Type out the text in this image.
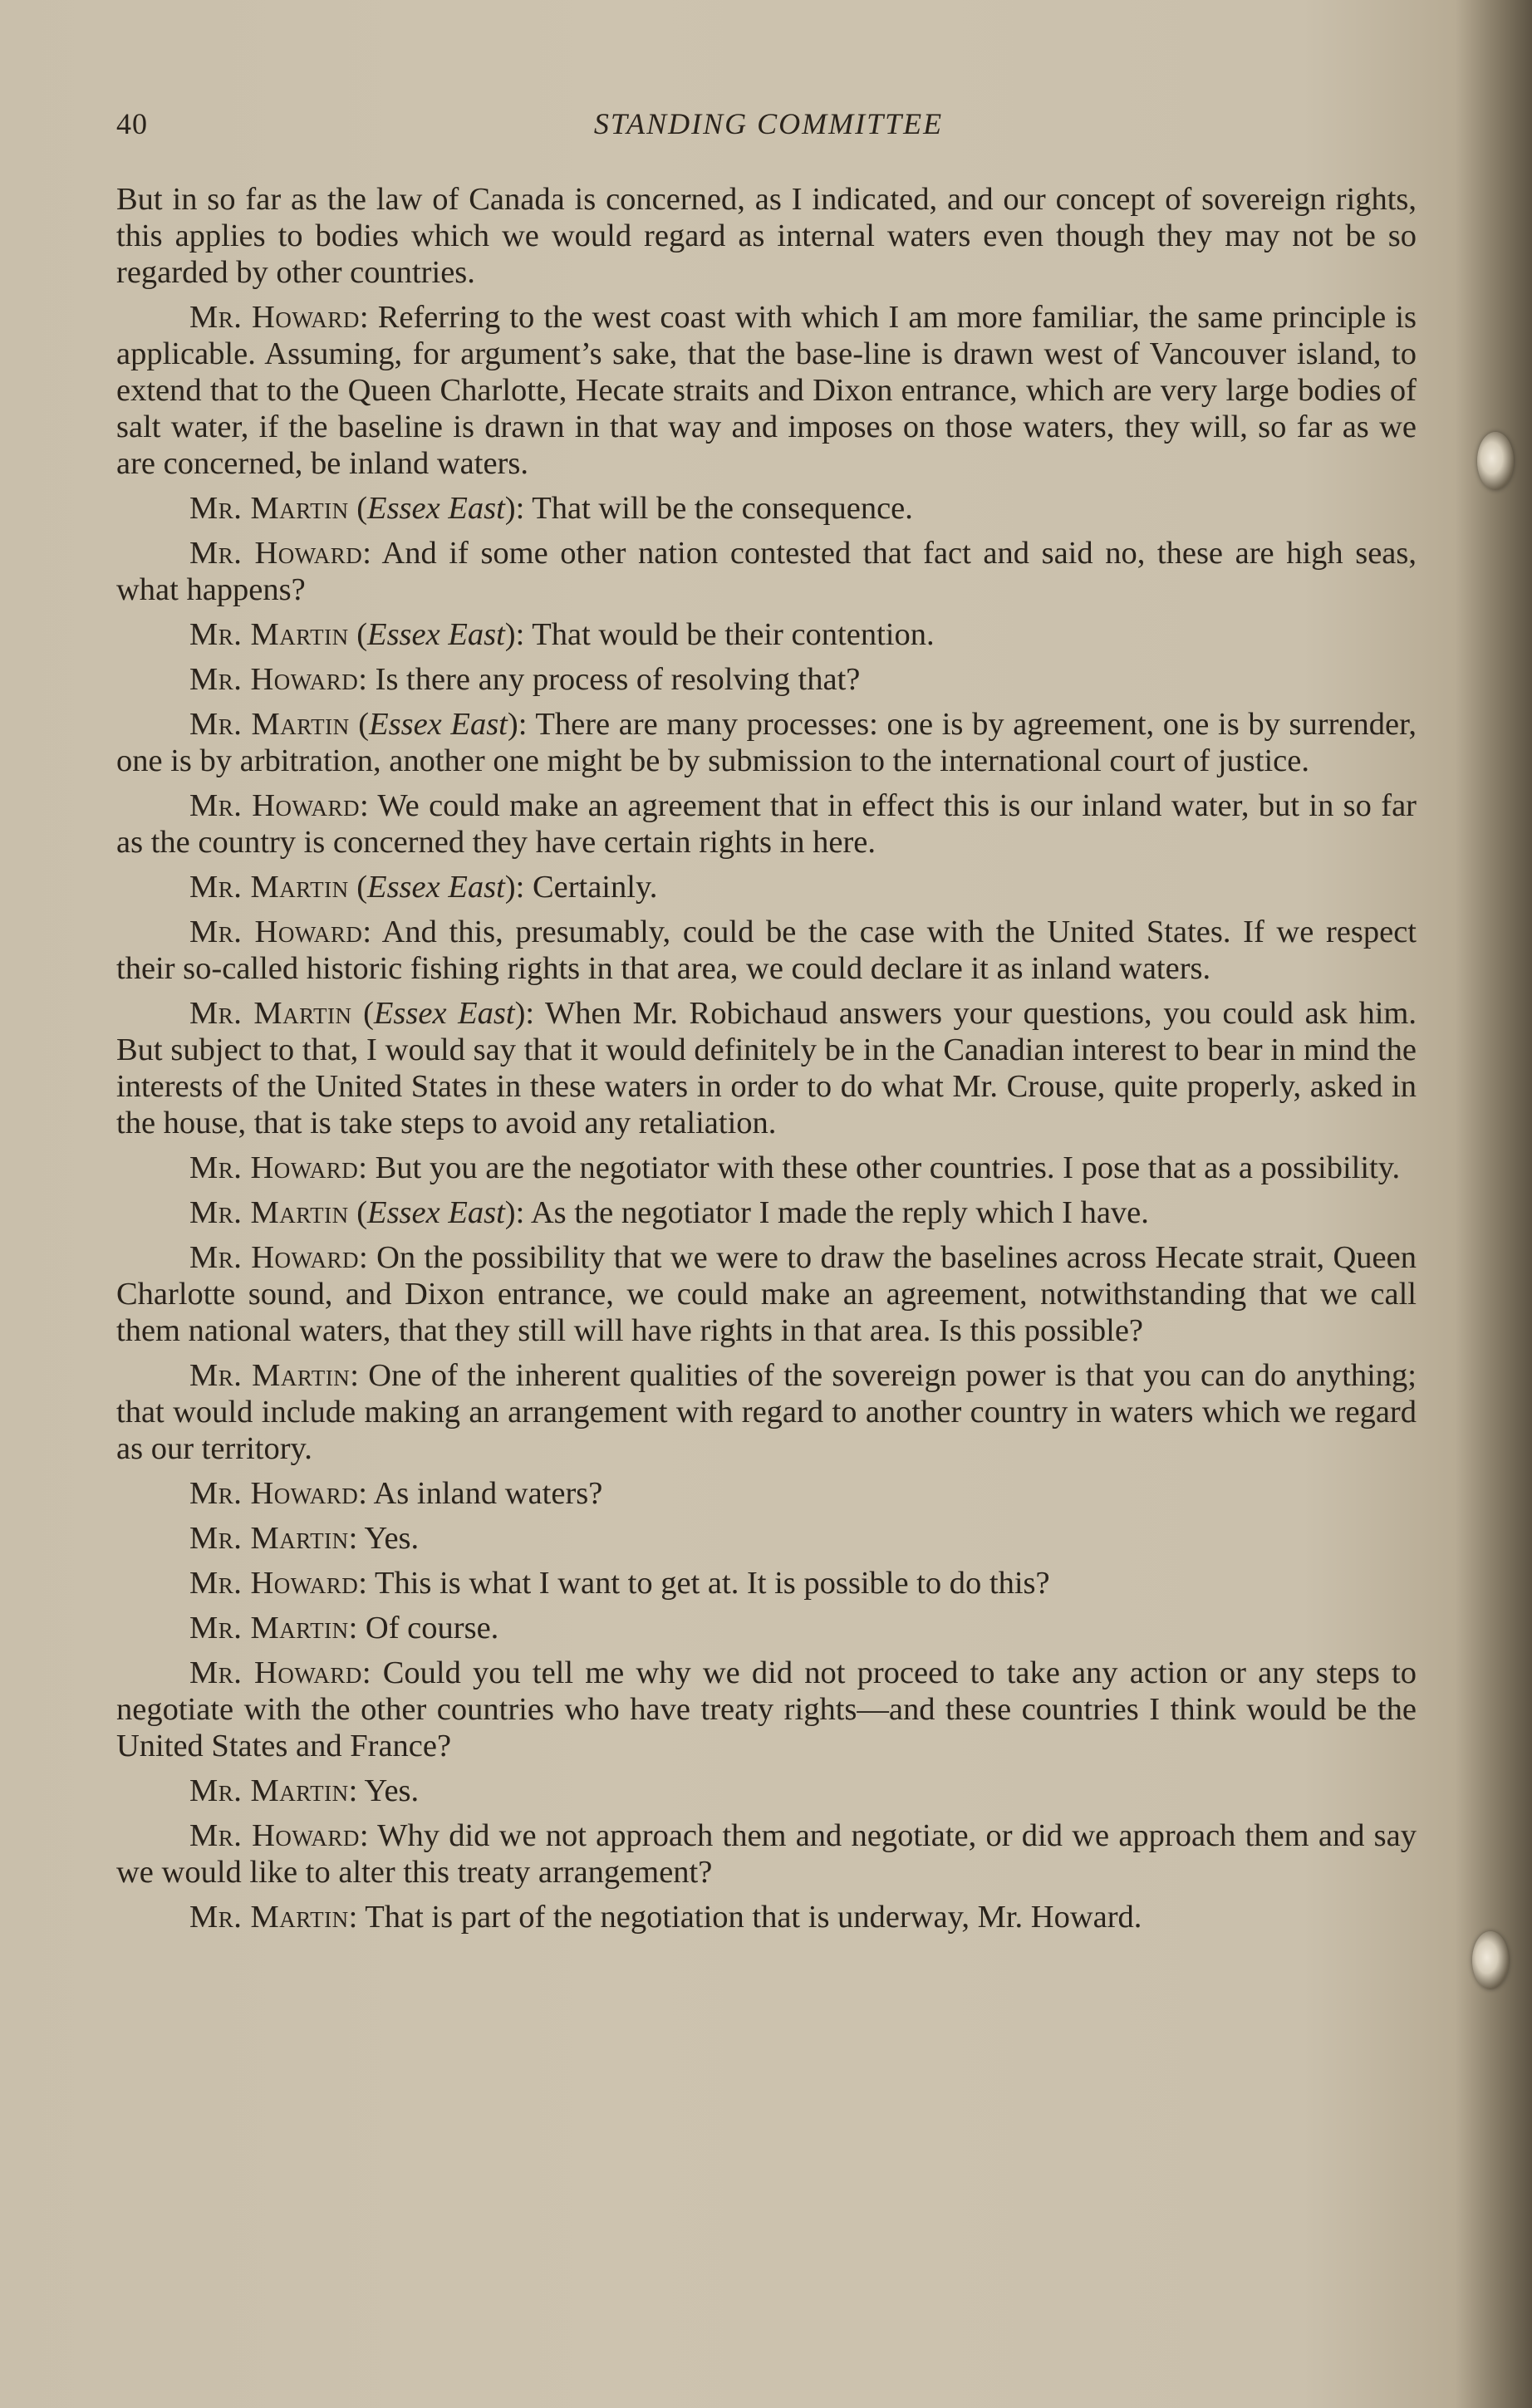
40	STANDING COMMITTEE

But in so far as the law of Canada is concerned, as I indicated, and our concept of sovereign rights, this applies to bodies which we would regard as internal waters even though they may not be so regarded by other countries.

Mr. Howard: Referring to the west coast with which I am more familiar, the same principle is applicable. Assuming, for argument’s sake, that the base-line is drawn west of Vancouver island, to extend that to the Queen Charlotte, Hecate straits and Dixon entrance, which are very large bodies of salt water, if the baseline is drawn in that way and imposes on those waters, they will, so far as we are concerned, be inland waters.

Mr. Martin (Essex East): That will be the consequence.

Mr. Howard: And if some other nation contested that fact and said no, these are high seas, what happens?

Mr. Martin (Essex East): That would be their contention.

Mr. Howard: Is there any process of resolving that?

Mr. Martin (Essex East): There are many processes: one is by agreement, one is by surrender, one is by arbitration, another one might be by submission to the international court of justice.

Mr. Howard: We could make an agreement that in effect this is our inland water, but in so far as the country is concerned they have certain rights in here.

Mr. Martin (Essex East): Certainly.

Mr. Howard: And this, presumably, could be the case with the United States. If we respect their so-called historic fishing rights in that area, we could declare it as inland waters.

Mr. Martin (Essex East): When Mr. Robichaud answers your questions, you could ask him. But subject to that, I would say that it would definitely be in the Canadian interest to bear in mind the interests of the United States in these waters in order to do what Mr. Crouse, quite properly, asked in the house, that is take steps to avoid any retaliation.

Mr. Howard: But you are the negotiator with these other countries. I pose that as a possibility.

Mr. Martin (Essex East): As the negotiator I made the reply which I have.

Mr. Howard: On the possibility that we were to draw the baselines across Hecate strait, Queen Charlotte sound, and Dixon entrance, we could make an agreement, notwithstanding that we call them national waters, that they still will have rights in that area. Is this possible?

Mr. Martin: One of the inherent qualities of the sovereign power is that you can do anything; that would include making an arrangement with regard to another country in waters which we regard as our territory.

Mr. Howard: As inland waters?

Mr. Martin: Yes.

Mr. Howard: This is what I want to get at. It is possible to do this?

Mr. Martin: Of course.

Mr. Howard: Could you tell me why we did not proceed to take any action or any steps to negotiate with the other countries who have treaty rights—and these countries I think would be the United States and France?

Mr. Martin: Yes.

Mr. Howard: Why did we not approach them and negotiate, or did we approach them and say we would like to alter this treaty arrangement?

Mr. Martin: That is part of the negotiation that is underway, Mr. Howard.
